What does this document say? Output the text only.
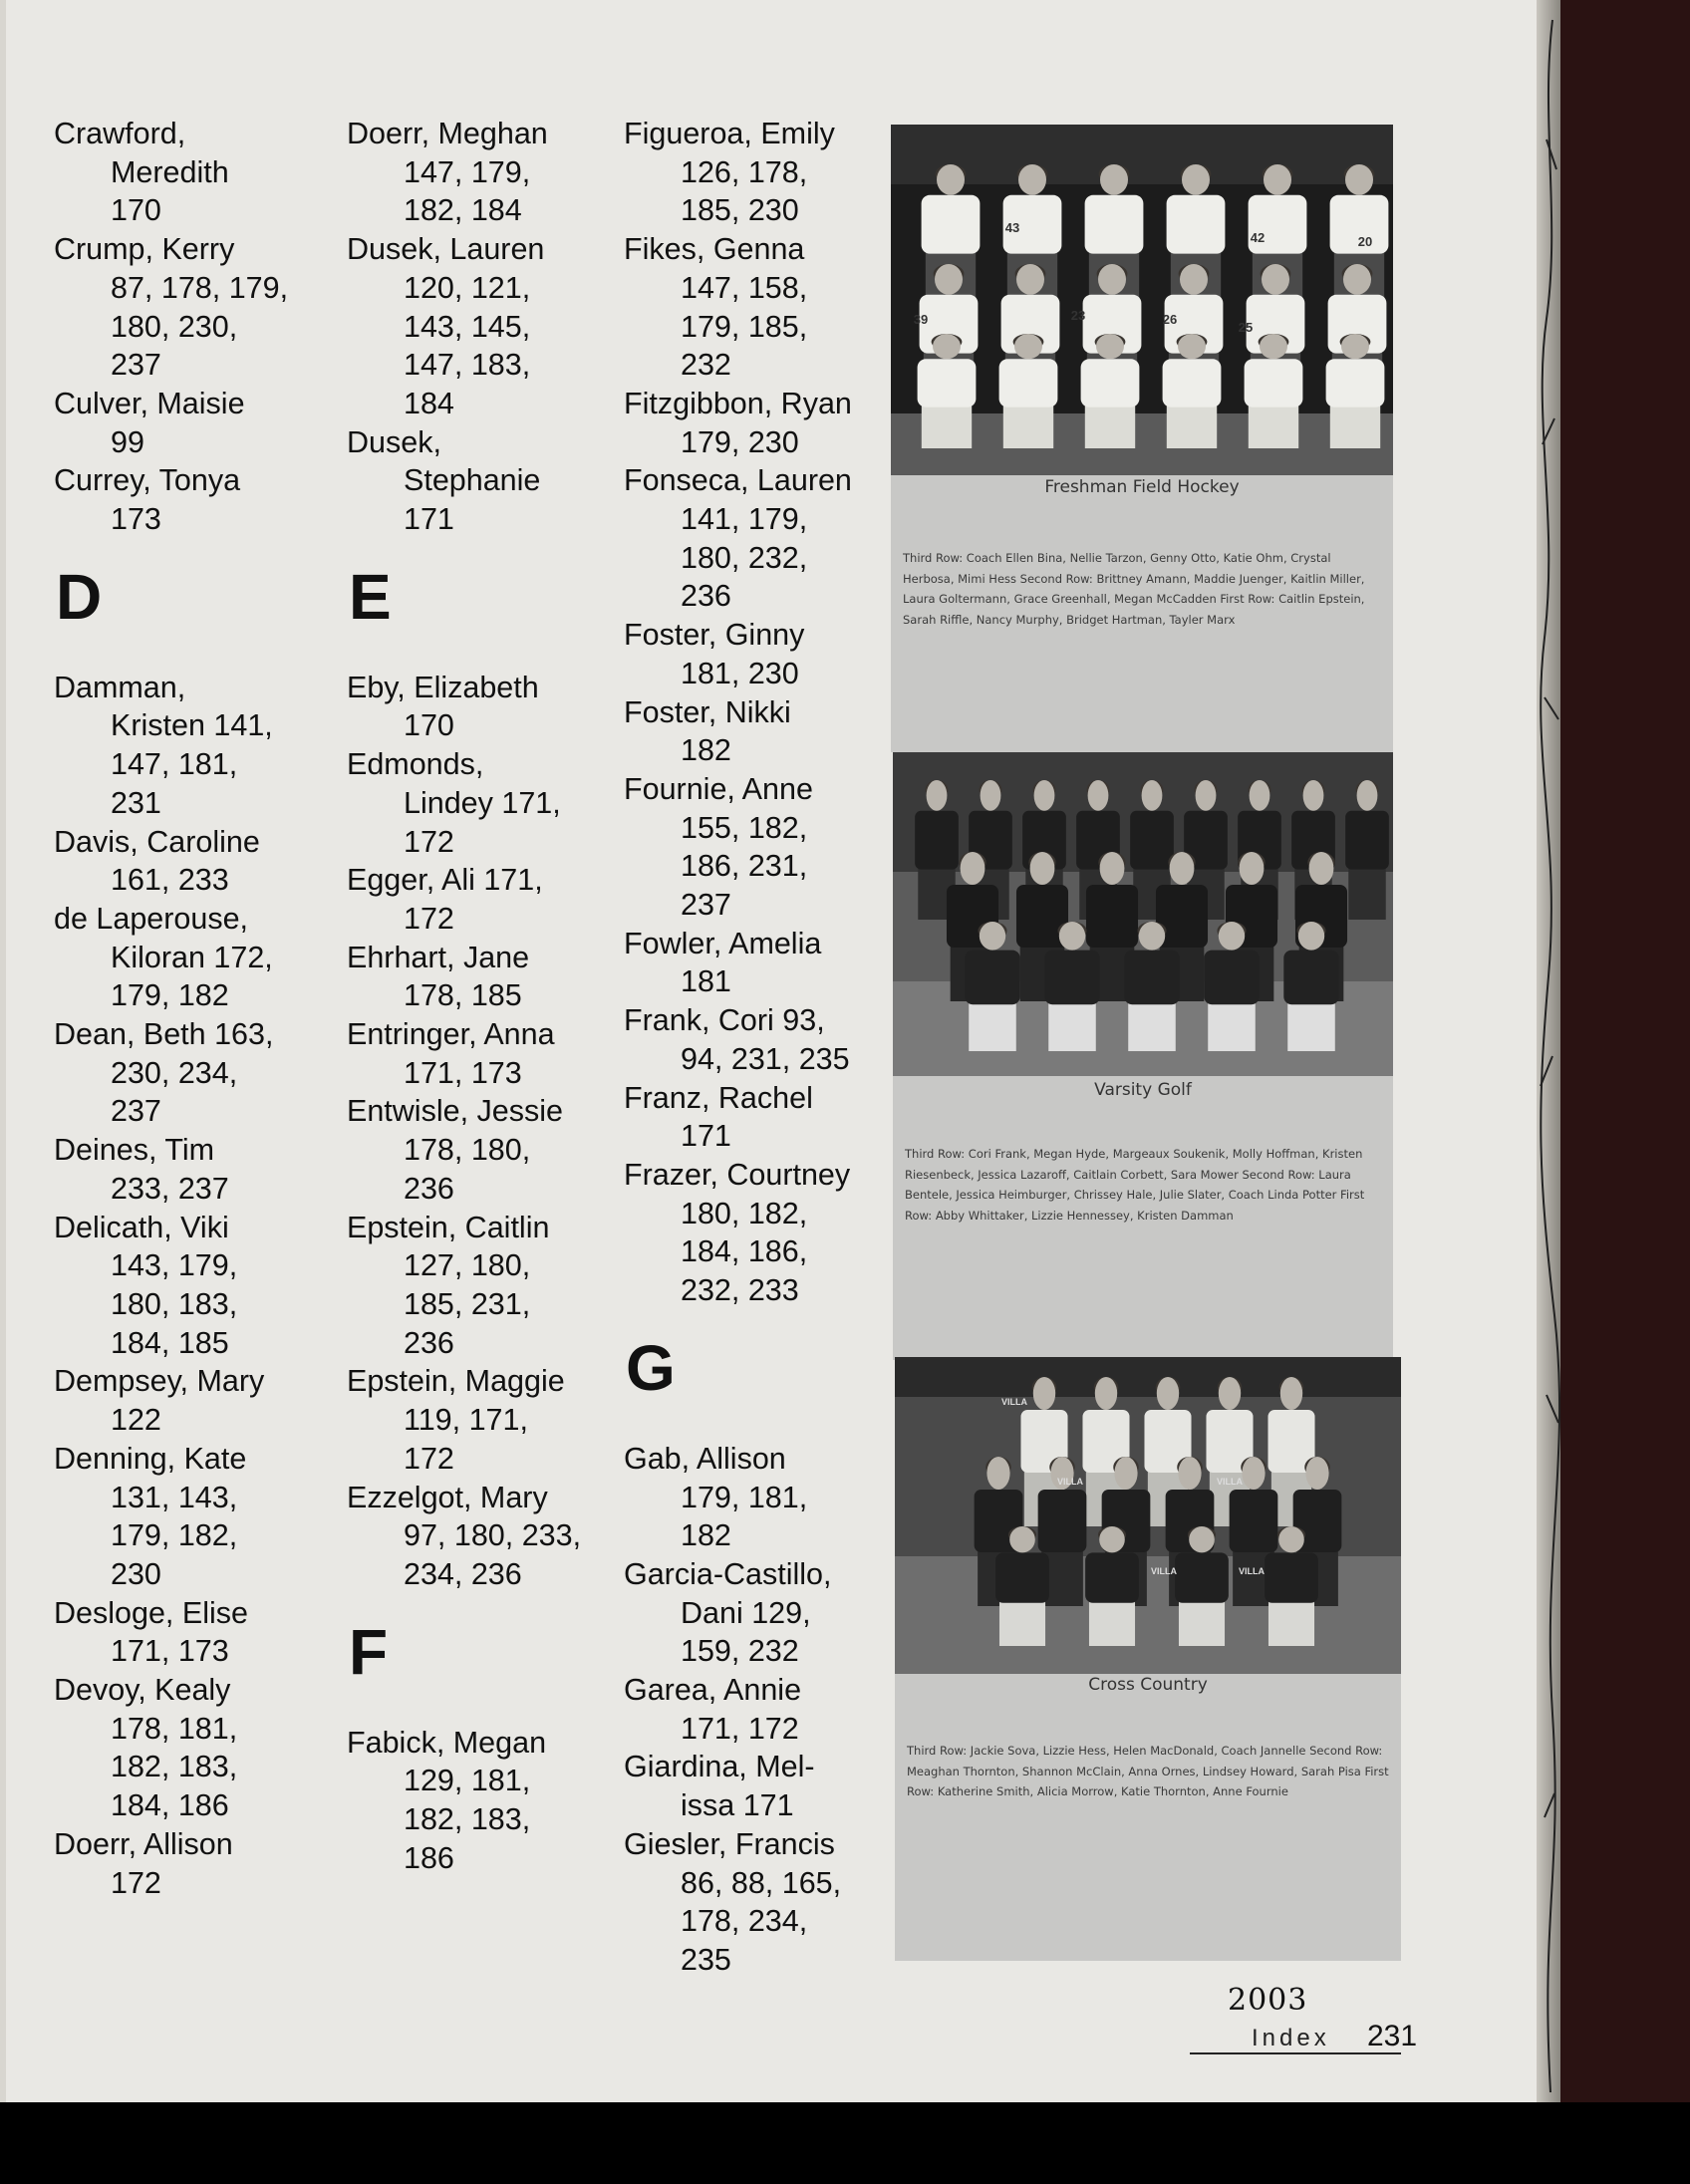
Crawford,
Meredith
170
Crump, Kerry
87, 178, 179,
180, 230,
237
Culver, Maisie
99
Currey, Tonya
173
D
Damman,
Kristen 141,
147, 181,
231
Davis, Caroline
161, 233
de Laperouse,
Kiloran 172,
179, 182
Dean, Beth 163,
230, 234,
237
Deines, Tim
233, 237
Delicath, Viki
143, 179,
180, 183,
184, 185
Dempsey, Mary
122
Denning, Kate
131, 143,
179, 182,
230
Desloge, Elise
171, 173
Devoy, Kealy
178, 181,
182, 183,
184, 186
Doerr, Allison
172
Doerr, Meghan
147, 179,
182, 184
Dusek, Lauren
120, 121,
143, 145,
147, 183,
184
Dusek,
Stephanie
171
E
Eby, Elizabeth
170
Edmonds,
Lindey 171,
172
Egger, Ali 171,
172
Ehrhart, Jane
178, 185
Entringer, Anna
171, 173
Entwisle, Jessie
178, 180,
236
Epstein, Caitlin
127, 180,
185, 231,
236
Epstein, Maggie
119, 171,
172
Ezzelgot, Mary
97, 180, 233,
234, 236
F
Fabick, Megan
129, 181,
182, 183,
186
Figueroa, Emily
126, 178,
185, 230
Fikes, Genna
147, 158,
179, 185,
232
Fitzgibbon, Ryan
179, 230
Fonseca, Lauren
141, 179,
180, 232,
236
Foster, Ginny
181, 230
Foster, Nikki
182
Fournie, Anne
155, 182,
186, 231,
237
Fowler, Amelia
181
Frank, Cori 93,
94, 231, 235
Franz, Rachel
171
Frazer, Courtney
180, 182,
184, 186,
232, 233
G
Gab, Allison
179, 181,
182
Garcia-Castillo,
Dani 129,
159, 232
Garea, Annie
171, 172
Giardina, Mel-
issa 171
Giesler, Francis
86, 88, 165,
178, 234,
235
43
42	20
39	23	26
25
Freshman Field Hockey
Third Row: Coach Ellen Bina, Nellie Tarzon, Genny Otto, Katie Ohm, Crystal Herbosa, Mimi Hess Second Row: Brittney Amann, Maddie Juenger, Kaitlin Miller, Laura Goltermann, Grace Greenhall, Megan McCadden First Row: Caitlin Epstein, Sarah Riffle, Nancy Murphy, Bridget Hartman, Tayler Marx
Varsity Golf
Third Row: Cori Frank, Megan Hyde, Margeaux Soukenik, Molly Hoffman, Kristen Riesenbeck, Jessica Lazaroff, Caitlain Corbett, Sara Mower Second Row: Laura Bentele, Jessica Heimburger, Chrissey Hale, Julie Slater, Coach Linda Potter First Row: Abby Whittaker, Lizzie Hennessey, Kristen Damman
VILLA
VILLA	VILLA
VILLA	VILLA
Cross Country
Third Row: Jackie Sova, Lizzie Hess, Helen MacDonald, Coach Jannelle Second Row: Meaghan Thornton, Shannon McClain, Anna Ornes, Lindsey Howard, Sarah Pisa First Row: Katherine Smith, Alicia Morrow, Katie Thornton, Anne Fournie
2003
Index 231
